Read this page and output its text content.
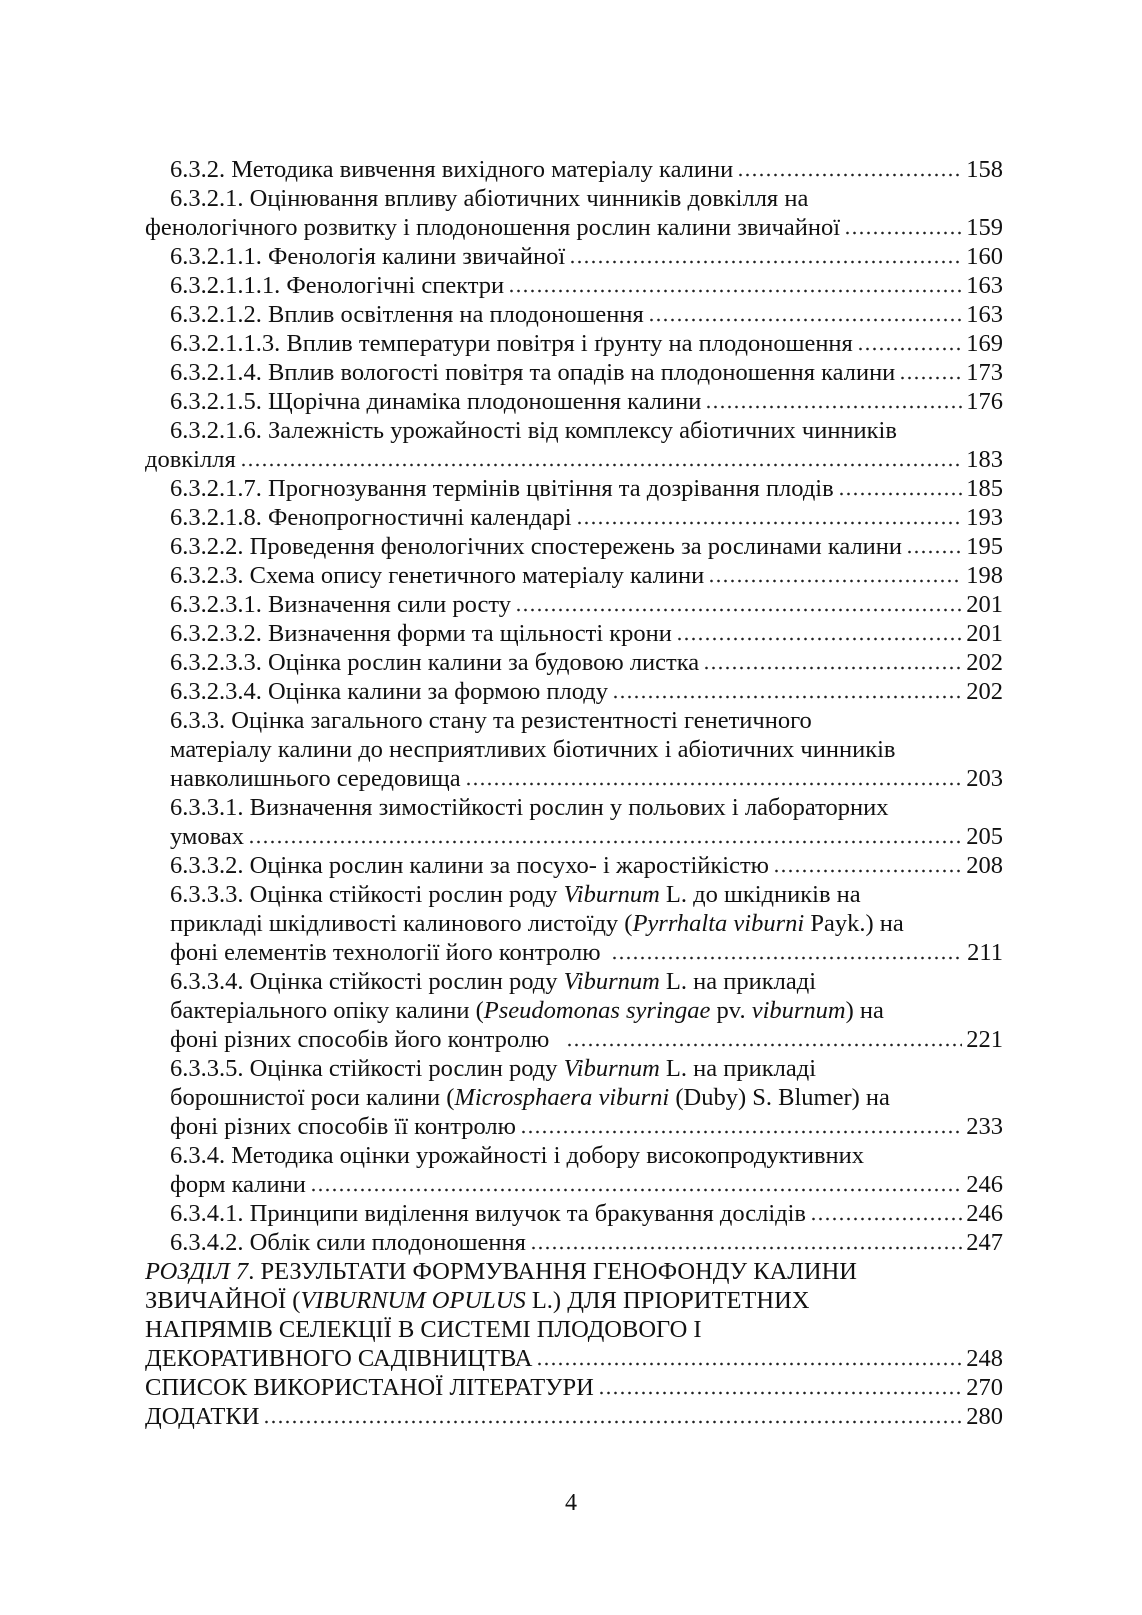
6.3.2. Методика вивчення вихідного матеріалу калини	158
6.3.2.1. Оцінювання впливу абіотичних чинників довкілля на
фенологічного розвитку і плодоношення рослин калини звичайної	159
6.3.2.1.1. Фенологія калини звичайної	160
6.3.2.1.1.1. Фенологічні спектри	163
6.3.2.1.2. Вплив освітлення на плодоношення	163
6.3.2.1.1.3. Вплив температури повітря і ґрунту на плодоношення	169
6.3.2.1.4. Вплив вологості повітря та опадів на плодоношення калини	173
6.3.2.1.5. Щорічна динаміка плодоношення калини	176
6.3.2.1.6. Залежність урожайності від комплексу абіотичних чинників
довкілля	183
6.3.2.1.7. Прогнозування термінів цвітіння та дозрівання плодів	185
6.3.2.1.8. Фенопрогностичні календарі	193
6.3.2.2. Проведення фенологічних спостережень за рослинами калини	195
6.3.2.3. Схема опису генетичного матеріалу калини	198
6.3.2.3.1. Визначення сили росту	201
6.3.2.3.2. Визначення форми та щільності крони	201
6.3.2.3.3. Оцінка рослин калини за будовою листка	202
6.3.2.3.4. Оцінка калини за формою плоду	202
6.3.3. Оцінка загального стану та резистентності генетичного
матеріалу калини до несприятливих біотичних і абіотичних чинників
навколишнього середовища	203
6.3.3.1. Визначення зимостійкості рослин у польових і лабораторних
умовах	205
6.3.3.2. Оцінка рослин калини за посухо- і жаростійкістю	208
6.3.3.3. Оцінка стійкості рослин роду Viburnum L. до шкідників на
прикладі шкідливості калинового листоїду (Pyrrhalta viburni Payk.) на
фоні елементів технології його контролю	211
6.3.3.4. Оцінка стійкості рослин роду Viburnum L. на прикладі
бактеріального опіку калини (Pseudomonas syringae pv. viburnum) на
фоні різних способів його контролю	221
6.3.3.5. Оцінка стійкості рослин роду Viburnum L. на прикладі
борошнистої роси калини (Microsphaera viburni (Duby) S. Blumer) на
фоні різних способів її контролю	233
6.3.4. Методика оцінки урожайності і добору високопродуктивних
форм калини	246
6.3.4.1. Принципи виділення вилучок та бракування дослідів	246
6.3.4.2. Облік сили плодоношення	247
РОЗДІЛ 7. РЕЗУЛЬТАТИ ФОРМУВАННЯ ГЕНОФОНДУ КАЛИНИ
ЗВИЧАЙНОЇ (VIBURNUM OPULUS L.) ДЛЯ ПРІОРИТЕТНИХ
НАПРЯМІВ СЕЛЕКЦІЇ В СИСТЕМІ ПЛОДОВОГО І
ДЕКОРАТИВНОГО САДІВНИЦТВА	248
СПИСОК ВИКОРИСТАНОЇ ЛІТЕРАТУРИ	270
ДОДАТКИ	280
4
